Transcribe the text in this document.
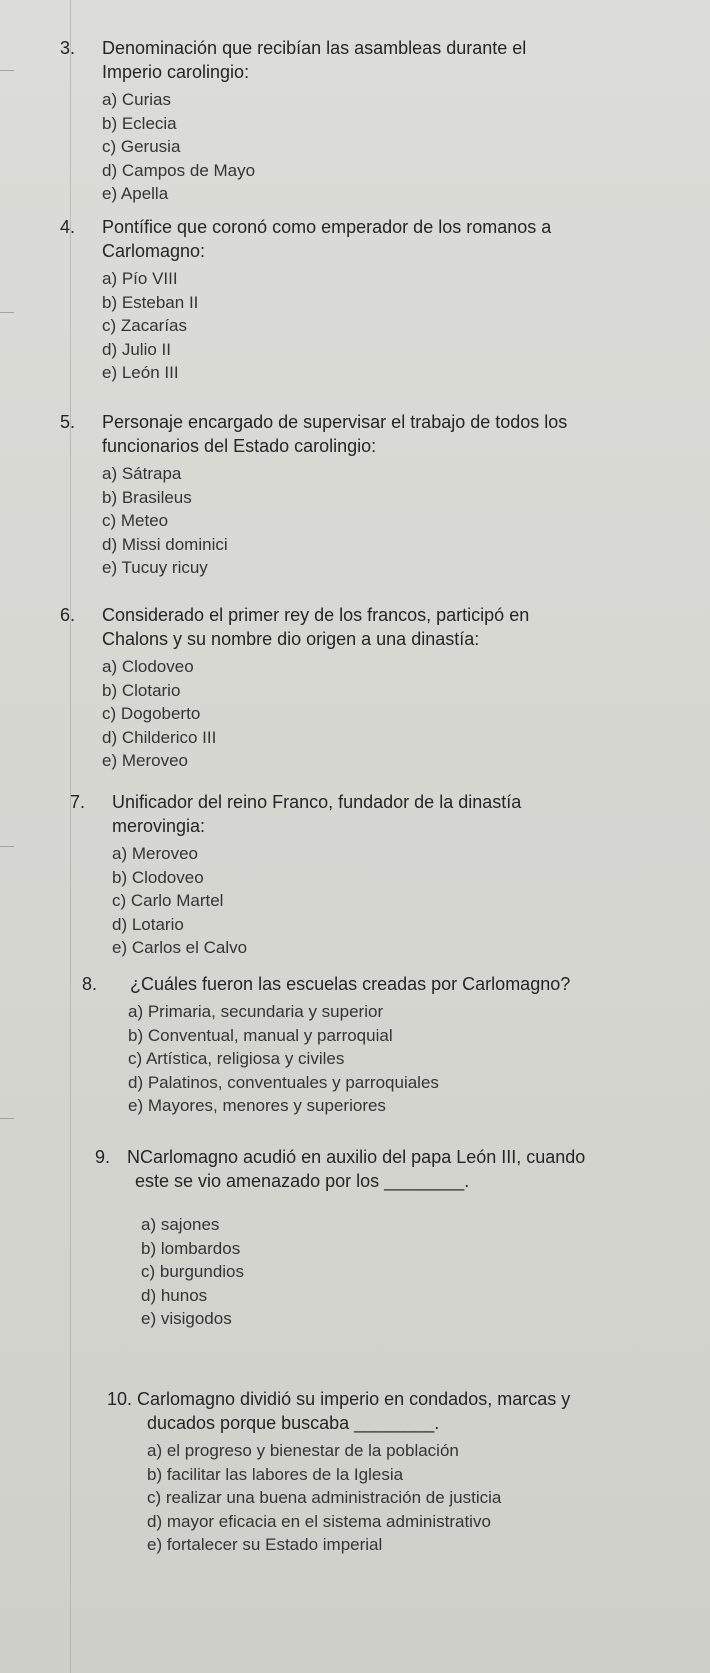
3.	Denominación que recibían las asambleas durante el
Imperio carolingio:
a) Curias
b) Eclecia
c) Gerusia
d) Campos de Mayo
e) Apella
4.	Pontífice que coronó como emperador de los romanos a
Carlomagno:
a) Pío VIII
b) Esteban II
c) Zacarías
d) Julio II
e) León III
5.	Personaje encargado de supervisar el trabajo de todos los
funcionarios del Estado carolingio:
a) Sátrapa
b) Brasileus
c) Meteo
d) Missi dominici
e) Tucuy ricuy
6.	Considerado el primer rey de los francos, participó en
Chalons y su nombre dio origen a una dinastía:
a) Clodoveo
b) Clotario
c) Dogoberto
d) Childerico III
e) Meroveo
7.	Unificador del reino Franco, fundador de la dinastía
merovingia:
a) Meroveo
b) Clodoveo
c) Carlo Martel
d) Lotario
e) Carlos el Calvo
8.	¿Cuáles fueron las escuelas creadas por Carlomagno?
a) Primaria, secundaria y superior
b) Conventual, manual y parroquial
c) Artística, religiosa y civiles
d) Palatinos, conventuales y parroquiales
e) Mayores, menores y superiores
9. NCarlomagno acudió en auxilio del papa León III, cuando
este se vio amenazado por los ________.
a) sajones
b) lombardos
c) burgundios
d) hunos
e) visigodos
10. Carlomagno dividió su imperio en condados, marcas y
ducados porque buscaba ________.
a) el progreso y bienestar de la población
b) facilitar las labores de la Iglesia
c) realizar una buena administración de justicia
d) mayor eficacia en el sistema administrativo
e) fortalecer su Estado imperial
